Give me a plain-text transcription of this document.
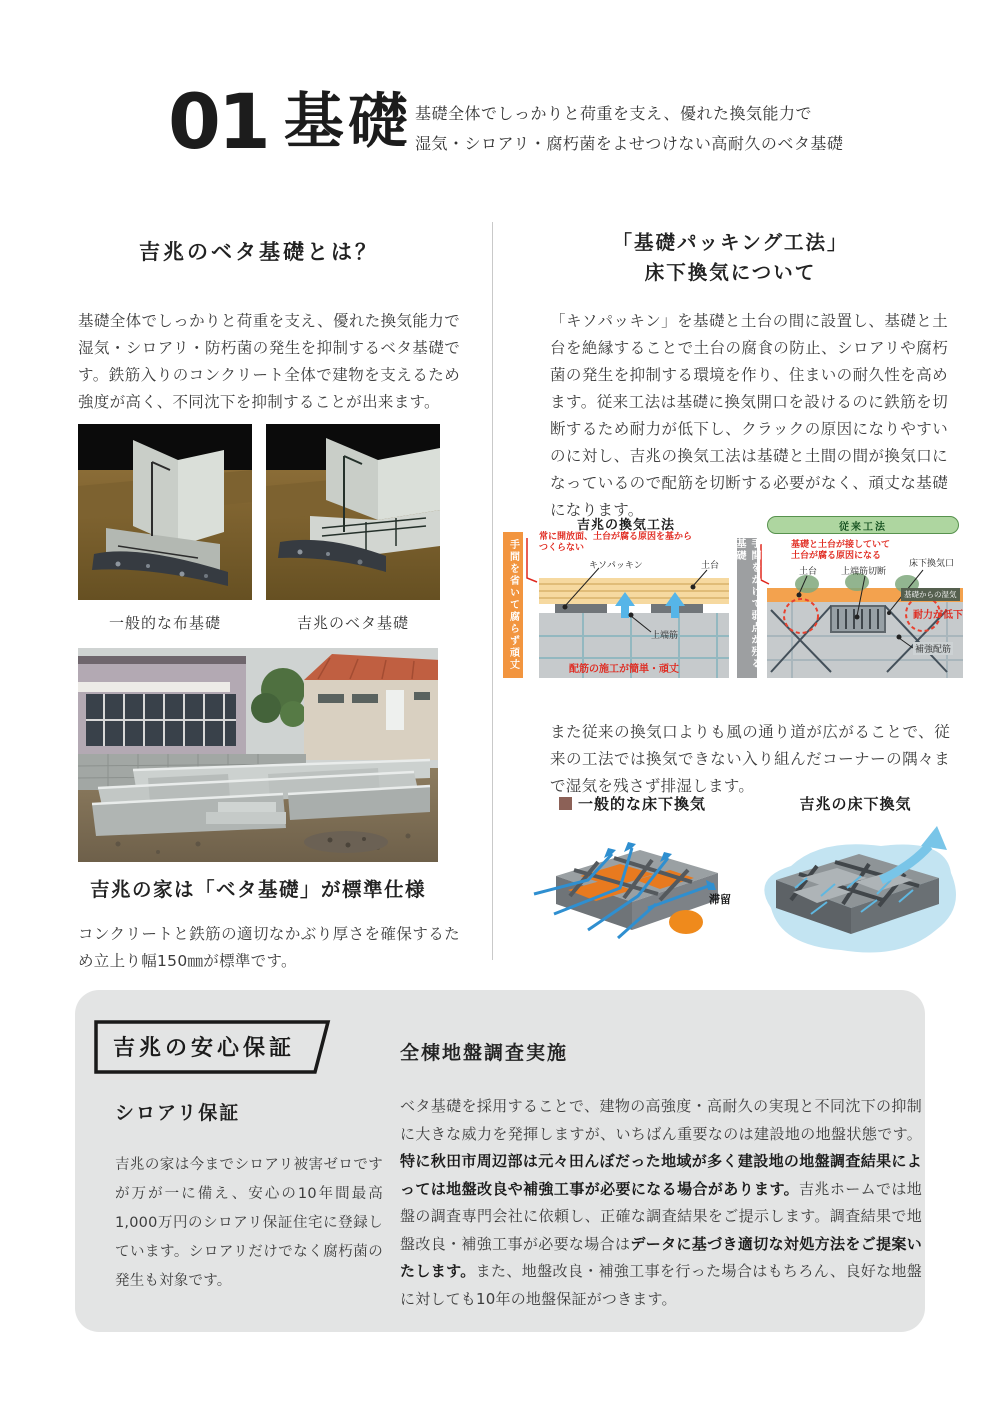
01 基礎 基礎全体でしっかりと荷重を支え、優れた換気能力で
湿気・シロアリ・腐朽菌をよせつけない高耐久のベタ基礎
吉兆のベタ基礎とは？

基礎全体でしっかりと荷重を支え、優れた換気能力で湿気・シロアリ・防朽菌の発生を抑制するベタ基礎です。鉄筋入りのコンクリート全体で建物を支えるため強度が高く、不同沈下を抑制することが出来ます。

一般的な布基礎	吉兆のベタ基礎
吉兆の家は「ベタ基礎」が標準仕様

コンクリートと鉄筋の適切なかぶり厚さを確保するため立上り幅150㎜が標準です。

「基礎パッキング工法」
床下換気について

「キソパッキン」を基礎と土台の間に設置し、基礎と土台を絶縁することで土台の腐食の防止、シロアリや腐朽菌の発生を抑制する環境を作り、住まいの耐久性を高めます。従来工法は基礎に換気開口を設けるのに鉄筋を切断するため耐力が低下し、クラックの原因になりやすいのに対し、吉兆の換気工法は基礎と土間の間が換気口になっているので配筋を切断する必要がなく、頑丈な基礎になります。

吉兆の換気工法
手間を省いて腐らず頑丈
常に開放面、土台が腐る原因を基から
つくらない
キソパッキン	土台
上端筋
配筋の施工が簡単・頑丈
従来工法
手間をかけて弱点が残る基礎	基礎と土台が接していて
土台が腐る原因になる
土台	上端筋切断
床下換気口
基礎からの湿気
耐力が低下
補強配筋

また従来の換気口よりも風の通り道が広がることで、従来の工法では換気できない入り組んだコーナーの隅々まで湿気を残さず排湿します。

一般的な床下換気
滞留
吉兆の床下換気
吉兆の安心保証
シロアリ保証

吉兆の家は今までシロアリ被害ゼロですが万が一に備え、安心の10年間最高1,000万円のシロアリ保証住宅に登録しています。シロアリだけでなく腐朽菌の発生も対象です。

全棟地盤調査実施

ベタ基礎を採用することで、建物の高強度・高耐久の実現と不同沈下の抑制に大きな威力を発揮しますが、いちばん重要なのは建設地の地盤状態です。特に秋田市周辺部は元々田んぼだった地域が多く建設地の地盤調査結果によっては地盤改良や補強工事が必要になる場合があります。吉兆ホームでは地盤の調査専門会社に依頼し、正確な調査結果をご提示します。調査結果で地盤改良・補強工事が必要な場合はデータに基づき適切な対処方法をご提案いたします。また、地盤改良・補強工事を行った場合はもちろん、良好な地盤に対しても10年の地盤保証がつきます。
